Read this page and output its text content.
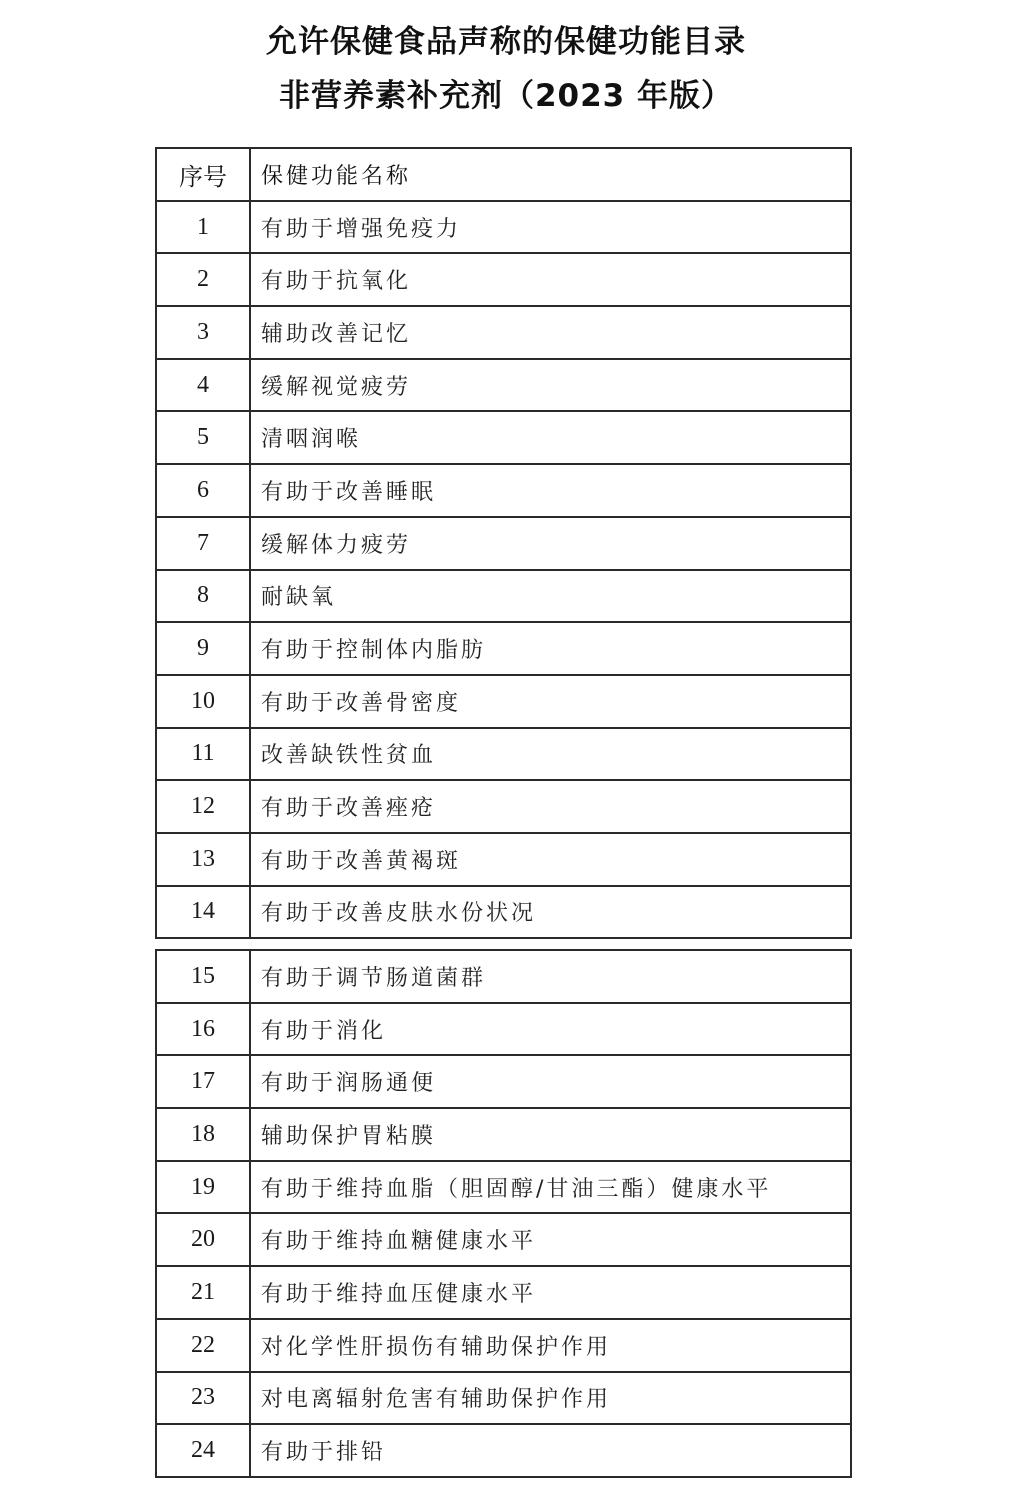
允许保健食品声称的保健功能目录
非营养素补充剂（2023 年版）
序号	保健功能名称
1	有助于增强免疫力
2	有助于抗氧化
3	辅助改善记忆
4	缓解视觉疲劳
5	清咽润喉
6	有助于改善睡眠
7	缓解体力疲劳
8	耐缺氧
9	有助于控制体内脂肪
10	有助于改善骨密度
11	改善缺铁性贫血
12	有助于改善痤疮
13	有助于改善黄褐斑
14	有助于改善皮肤水份状况
15	有助于调节肠道菌群
16	有助于消化
17	有助于润肠通便
18	辅助保护胃粘膜
19	有助于维持血脂（胆固醇/甘油三酯）健康水平
20	有助于维持血糖健康水平
21	有助于维持血压健康水平
22	对化学性肝损伤有辅助保护作用
23	对电离辐射危害有辅助保护作用
24	有助于排铅
